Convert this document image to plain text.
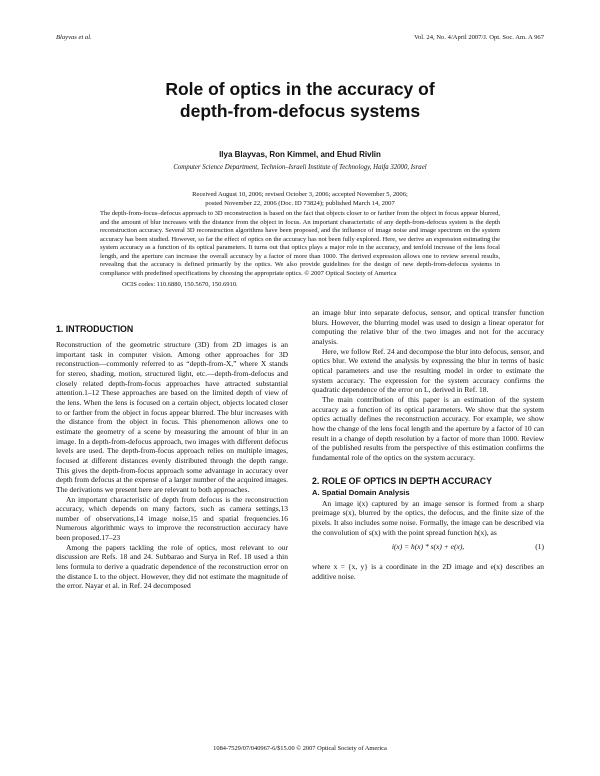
Blayvas et al.	Vol. 24, No. 4/April 2007/J. Opt. Soc. Am. A 967
Role of optics in the accuracy of
depth-from-defocus systems
Ilya Blayvas, Ron Kimmel, and Ehud Rivlin
Computer Science Department, Technion–Israeli Institute of Technology, Haifa 32000, Israel
Received August 10, 2006; revised October 3, 2006; accepted November 5, 2006;
posted November 22, 2006 (Doc. ID 73824); published March 14, 2007
The depth-from-focus–defocus approach to 3D reconstruction is based on the fact that objects closer to or farther from the object in focus appear blurred, and the amount of blur increases with the distance from the object in focus. An important characteristic of any depth-from-defocus system is the depth reconstruction accuracy. Several 3D reconstruction algorithms have been proposed, and the influence of image noise and image spectrum on the system accuracy has been studied. However, so far the effect of optics on the accuracy has not been fully explored. Here, we derive an expression estimating the system accuracy as a function of its optical parameters. It turns out that optics plays a major role in the accuracy, and tenfold increase of the lens focal length, and the aperture can increase the overall accuracy by a factor of more than 1000. The derived expression allows one to review several results, revealing that the accuracy is defined primarily by the optics. We also provide guidelines for the design of new depth-from-defocus systems in compliance with predefined specifications by choosing the appropriate optics. © 2007 Optical Society of America
OCIS codes: 110.6880, 150.5670, 150.6910.
1. INTRODUCTION

Reconstruction of the geometric structure (3D) from 2D images is an important task in computer vision. Among other approaches for 3D reconstruction—commonly referred to as “depth-from-X,” where X stands for stereo, shading, motion, structured light, etc.—depth-from-defocus and closely related depth-from-focus approaches have attracted substantial attention.1–12 These approaches are based on the limited depth of view of the lens. When the lens is focused on a certain object, objects located closer to or farther from the object in focus appear blurred. The blur increases with the distance from the object in focus. This phenomenon allows one to estimate the geometry of a scene by measuring the amount of blur in an image. In a depth-from-defocus approach, two images with different defocus levels are used. The depth-from-focus approach relies on multiple images, focused at different distances evenly distributed through the depth range. This gives the depth-from-focus approach some advantage in accuracy over depth from defocus at the expense of a larger number of the acquired images. The derivations we present here are relevant to both approaches.

An important characteristic of depth from defocus is the reconstruction accuracy, which depends on many factors, such as camera settings,13 number of observations,14 image noise,15 and spatial frequencies.16 Numerous algorithmic ways to improve the reconstruction accuracy have been proposed.17–23

Among the papers tackling the role of optics, most relevant to our discussion are Refs. 18 and 24. Subbarao and Surya in Ref. 18 used a thin lens formula to derive a quadratic dependence of the reconstruction error on the distance L to the object. However, they did not estimate the magnitude of the error. Nayar et al. in Ref. 24 decomposed

an image blur into separate defocus, sensor, and optical transfer function blurs. However, the blurring model was used to design a linear operator for computing the relative blur of the two images and not for the accuracy analysis.

Here, we follow Ref. 24 and decompose the blur into defocus, sensor, and optics blur. We extend the analysis by expressing the blur in terms of basic optical parameters and use the resulting model in order to estimate the system accuracy. The expression for the system accuracy confirms the quadratic dependence of the error on L, derived in Ref. 18.

The main contribution of this paper is an estimation of the system accuracy as a function of its optical parameters. We show that the system optics actually defines the reconstruction accuracy. For example, we show how the change of the lens focal length and the aperture by a factor of 10 can result in a change of depth resolution by a factor of more than 1000. Review of the published results from the perspective of this estimation confirms the fundamental role of the optics on the system accuracy.

2. ROLE OF OPTICS IN DEPTH ACCURACY
A. Spatial Domain Analysis

An image i(x) captured by an image sensor is formed from a sharp preimage s(x), blurred by the optics, the defocus, and the finite size of the pixels. It also includes some noise. Formally, the image can be described via the convolution of s(x) with the point spread function h(x), as

i(x) = h(x) * s(x) + e(x),	(1)

where x = {x, y} is a coordinate in the 2D image and e(x) describes an additive noise.

1084-7529/07/040967-6/$15.00 © 2007 Optical Society of America
